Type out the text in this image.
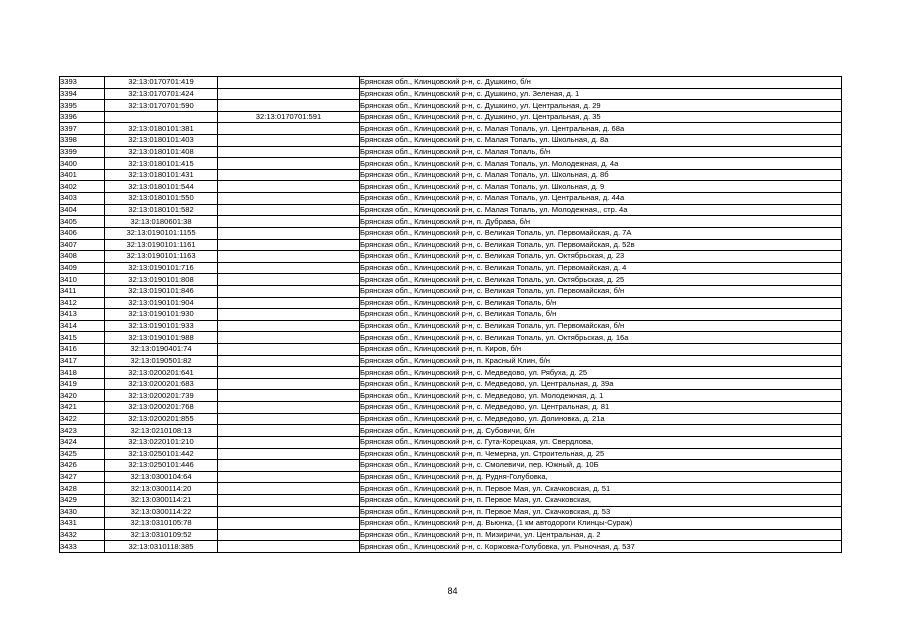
3393	32:13:0170701:419		Брянская обл., Клинцовский р-н, с. Душкино, б/н
3394	32:13:0170701:424		Брянская обл., Клинцовский р-н, с. Душкино, ул. Зеленая, д. 1
3395	32:13:0170701:590		Брянская обл., Клинцовский р-н, с. Душкино, ул. Центральная, д. 29
3396		32:13:0170701:591	Брянская обл., Клинцовский р-н, с. Душкино, ул. Центральная, д. 35
3397	32:13:0180101:381		Брянская обл., Клинцовский р-н, с. Малая Топаль, ул. Центральная, д. 68а
3398	32:13:0180101:403		Брянская обл., Клинцовский р-н, с. Малая Топаль, ул. Школьная, д. 8а
3399	32:13:0180101:408		Брянская обл., Клинцовский р-н, с. Малая Топаль, б/н
3400	32:13:0180101:415		Брянская обл., Клинцовский р-н, с. Малая Топаль, ул. Молодежная, д. 4а
3401	32:13:0180101:431		Брянская обл., Клинцовский р-н, с. Малая Топаль, ул. Школьная, д. 8б
3402	32:13:0180101:544		Брянская обл., Клинцовский р-н, с. Малая Топаль, ул. Школьная, д. 9
3403	32:13:0180101:550		Брянская обл., Клинцовский р-н, с. Малая Топаль, ул. Центральная, д. 44а
3404	32:13:0180101:582		Брянская обл., Клинцовский р-н, с. Малая Топаль, ул. Молодежная,, стр. 4а
3405	32:13:0180601:38		Брянская обл., Клинцовский р-н, п. Дубрава, б/н
3406	32:13:0190101:1155		Брянская обл., Клинцовский р-н, с. Великая Топаль, ул. Первомайская, д. 7А
3407	32:13:0190101:1161		Брянская обл., Клинцовский р-н, с. Великая Топаль, ул. Первомайская, д. 52в
3408	32:13:0190101:1163		Брянская обл., Клинцовский р-н, с. Великая Топаль, ул. Октябрьская, д. 23
3409	32:13:0190101:716		Брянская обл., Клинцовский р-н, с. Великая Топаль, ул. Первомайская, д. 4
3410	32:13:0190101:808		Брянская обл., Клинцовский р-н, с. Великая Топаль, ул. Октябрьская, д. 25
3411	32:13:0190101:846		Брянская обл., Клинцовский р-н, с. Великая Топаль, ул. Первомайская, б/н
3412	32:13:0190101:904		Брянская обл., Клинцовский р-н, с. Великая Топаль, б/н
3413	32:13:0190101:930		Брянская обл., Клинцовский р-н, с. Великая Топаль, б/н
3414	32:13:0190101:933		Брянская обл., Клинцовский р-н, с. Великая Топаль, ул. Первомайская, б/н
3415	32:13:0190101:988		Брянская обл., Клинцовский р-н, с. Великая Топаль, ул. Октябрьская, д. 16а
3416	32:13:0190401:74		Брянская обл., Клинцовский р-н, п. Киров, б/н
3417	32:13:0190501:82		Брянская обл., Клинцовский р-н, п. Красный Клин, б/н
3418	32:13:0200201:641		Брянская обл., Клинцовский р-н, с. Медведово, ул. Рябуха, д. 25
3419	32:13:0200201:683		Брянская обл., Клинцовский р-н, с. Медведово, ул. Центральная, д. 39а
3420	32:13:0200201:739		Брянская обл., Клинцовский р-н, с. Медведово, ул. Молодежная, д. 1
3421	32:13:0200201:768		Брянская обл., Клинцовский р-н, с. Медведово, ул. Центральная, д. 81
3422	32:13:0200201:855		Брянская обл., Клинцовский р-н, с. Медведово, ул. Долиновка, д. 21а
3423	32:13:0210108:13		Брянская обл., Клинцовский р-н, д. Субовичи, б/н
3424	32:13:0220101:210		Брянская обл., Клинцовский р-н, с. Гута-Корецкая, ул. Свердлова,
3425	32:13:0250101:442		Брянская обл., Клинцовский р-н, п. Чемерна, ул. Строительная, д. 25
3426	32:13:0250101:446		Брянская обл., Клинцовский р-н, с. Смолевичи, пер. Южный, д. 10Б
3427	32:13:0300104:64		Брянская обл., Клинцовский р-н, д. Рудня-Голубовка,
3428	32:13:0300114:20		Брянская обл., Клинцовский р-н, п. Первое Мая, ул. Скачковская, д. 51
3429	32:13:0300114:21		Брянская обл., Клинцовский р-н, п. Первое Мая, ул. Скачковская,
3430	32:13:0300114:22		Брянская обл., Клинцовский р-н, п. Первое Мая, ул. Скачковская, д. 53
3431	32:13:0310105:78		Брянская обл., Клинцовский р-н, д. Вьюнка, (1 км автодороги Клинцы-Сураж)
3432	32:13:0310109:52		Брянская обл., Клинцовский р-н, п. Мизиричи, ул. Центральная, д. 2
3433	32:13:0310118:385		Брянская обл., Клинцовский р-н, с. Коржовка-Голубовка, ул. Рыночная, д. 537
84
